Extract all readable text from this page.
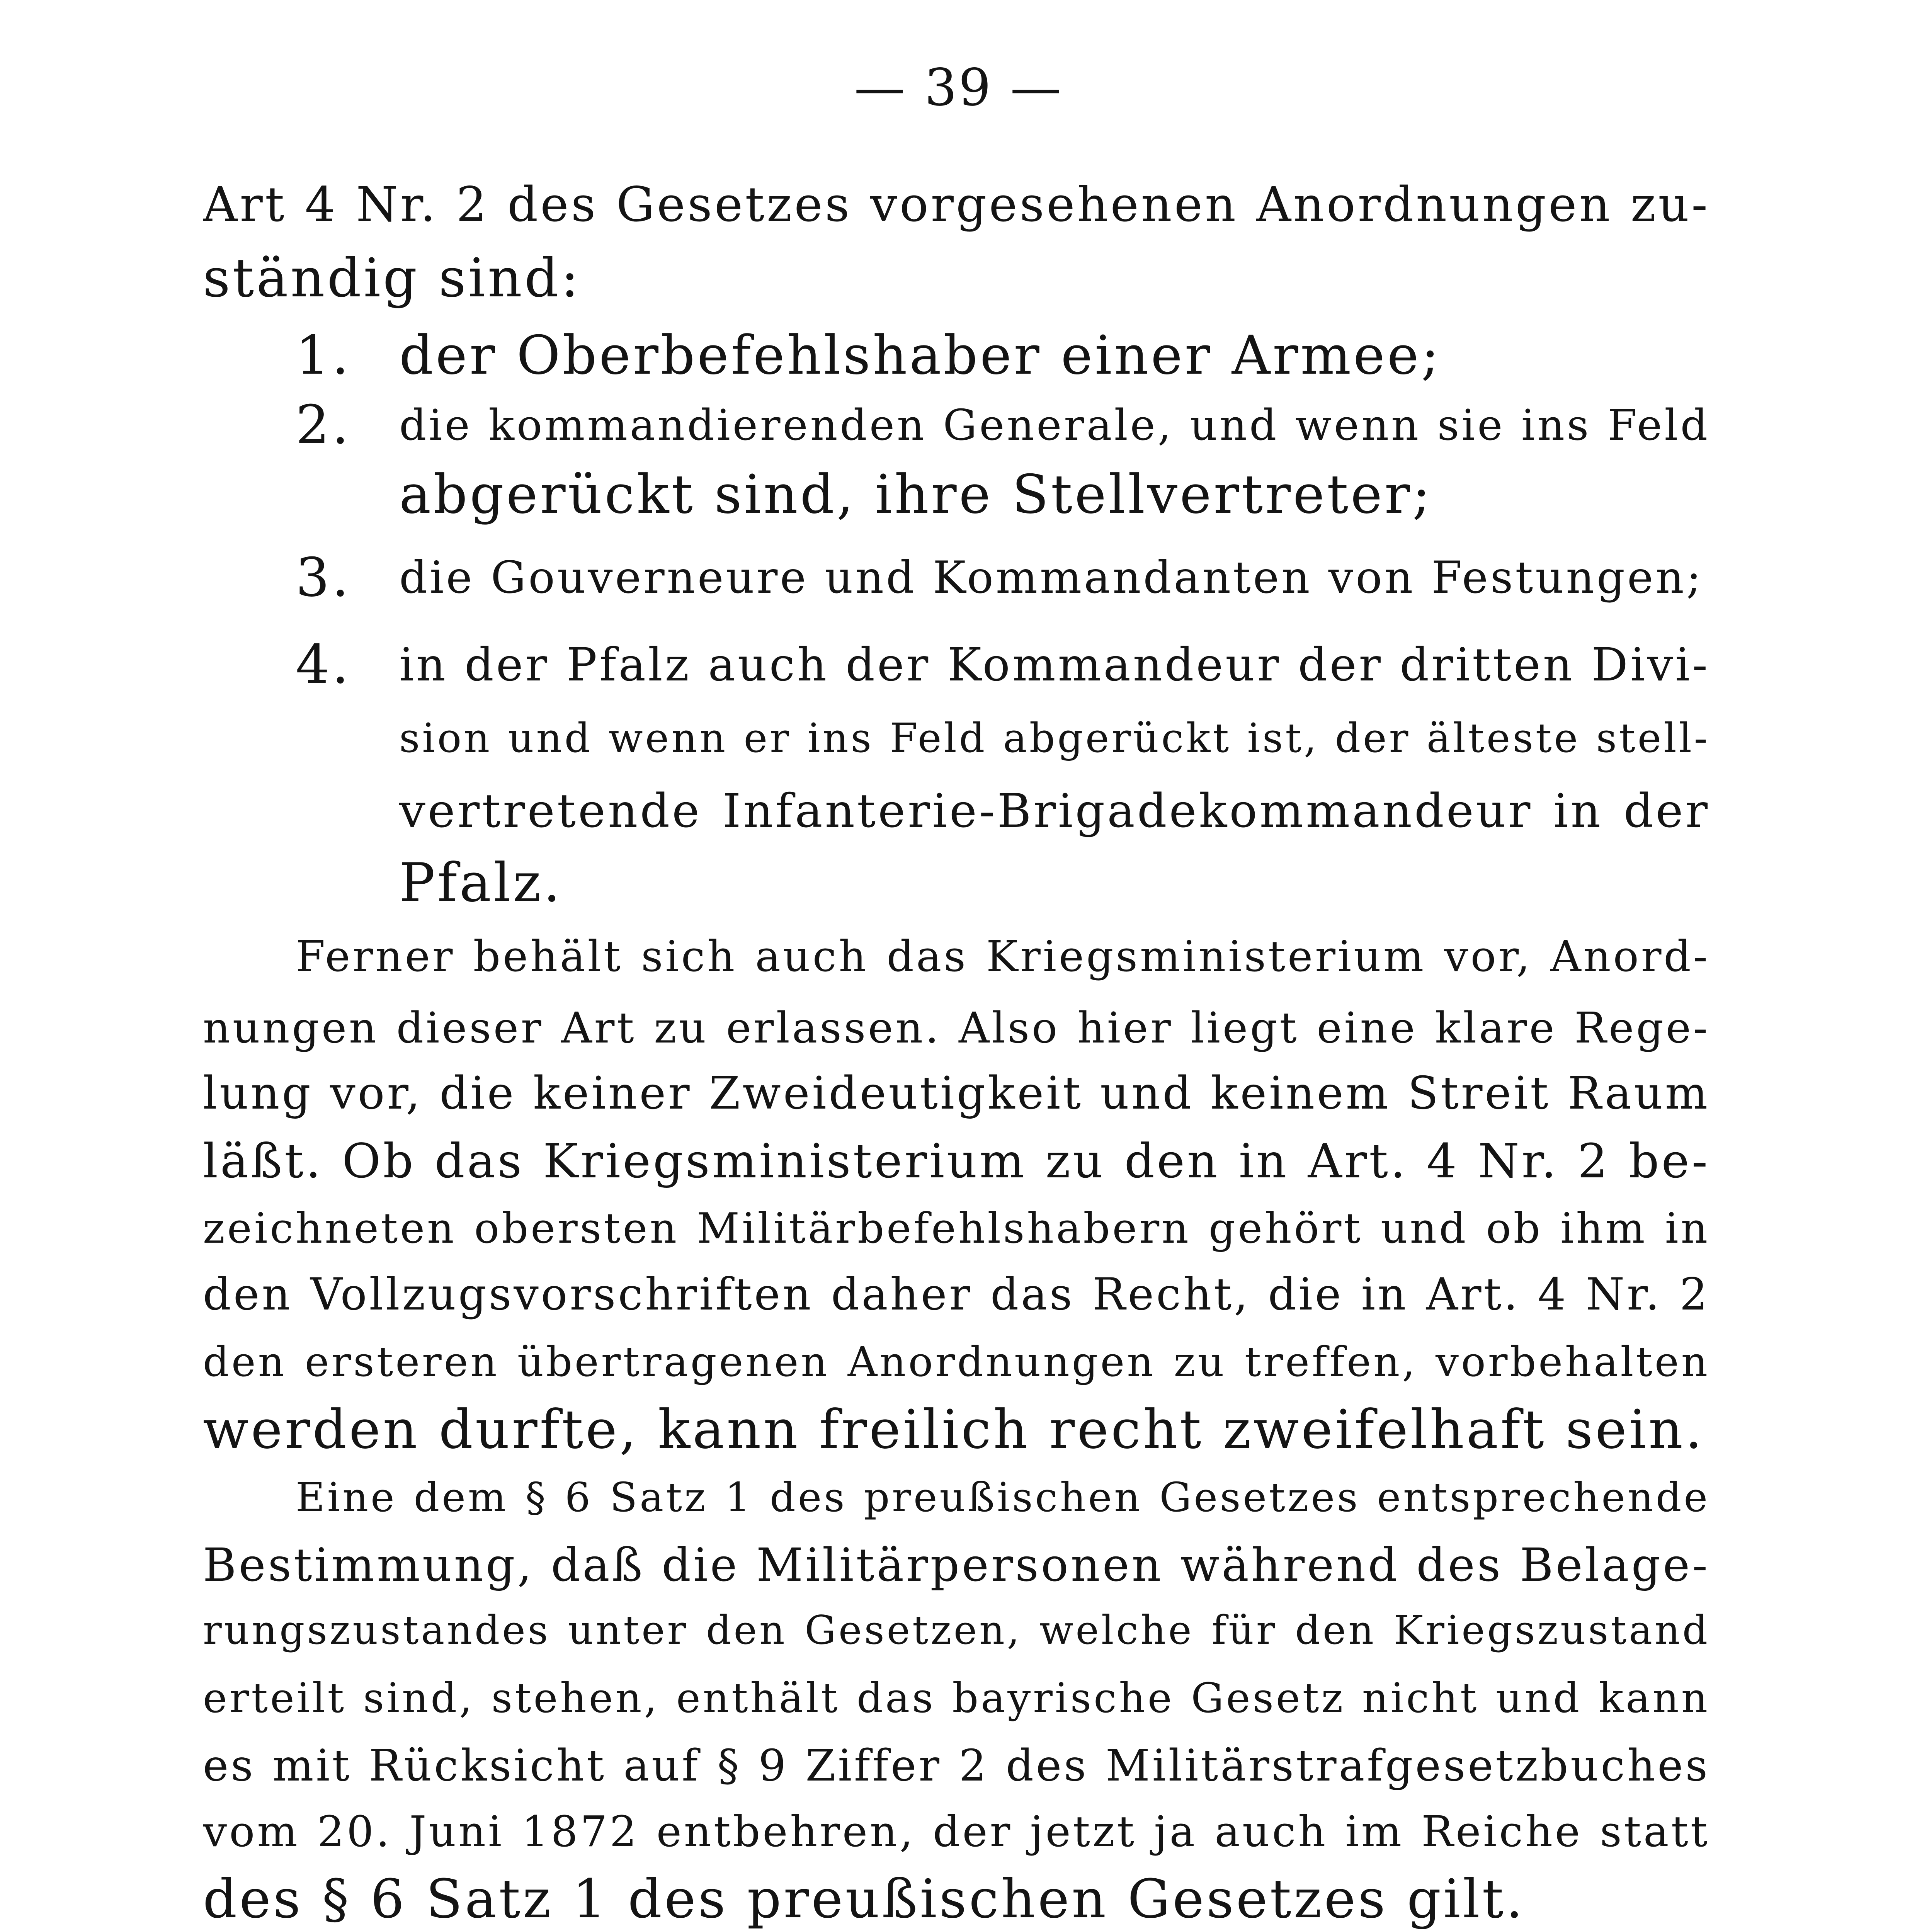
— 39 —
Art 4 Nr. 2 des Gesetzes vorgesehenen Anordnungen zu-
ständig sind:
1. der Oberbefehlshaber einer Armee;
2.	die kommandierenden Generale, und wenn sie ins Feld
abgerückt sind, ihre Stellvertreter;
3.	die Gouverneure und Kommandanten von Festungen;
4.	in der Pfalz auch der Kommandeur der dritten Divi-
sion und wenn er ins Feld abgerückt ist, der älteste stell-
vertretende Infanterie-Brigadekommandeur in der
Pfalz.
Ferner behält sich auch das Kriegsministerium vor, Anord-
nungen dieser Art zu erlassen. Also hier liegt eine klare Rege-
lung vor, die keiner Zweideutigkeit und keinem Streit Raum
läßt. Ob das Kriegsministerium zu den in Art. 4 Nr. 2 be-
zeichneten obersten Militärbefehlshabern gehört und ob ihm in
den Vollzugsvorschriften daher das Recht, die in Art. 4 Nr. 2
den ersteren übertragenen Anordnungen zu treffen, vorbehalten
werden durfte, kann freilich recht zweifelhaft sein.
Eine dem § 6 Satz 1 des preußischen Gesetzes entsprechende
Bestimmung, daß die Militärpersonen während des Belage-
rungszustandes unter den Gesetzen, welche für den Kriegszustand
erteilt sind, stehen, enthält das bayrische Gesetz nicht und kann
es mit Rücksicht auf § 9 Ziffer 2 des Militärstrafgesetzbuches
vom 20. Juni 1872 entbehren, der jetzt ja auch im Reiche statt
des § 6 Satz 1 des preußischen Gesetzes gilt.
